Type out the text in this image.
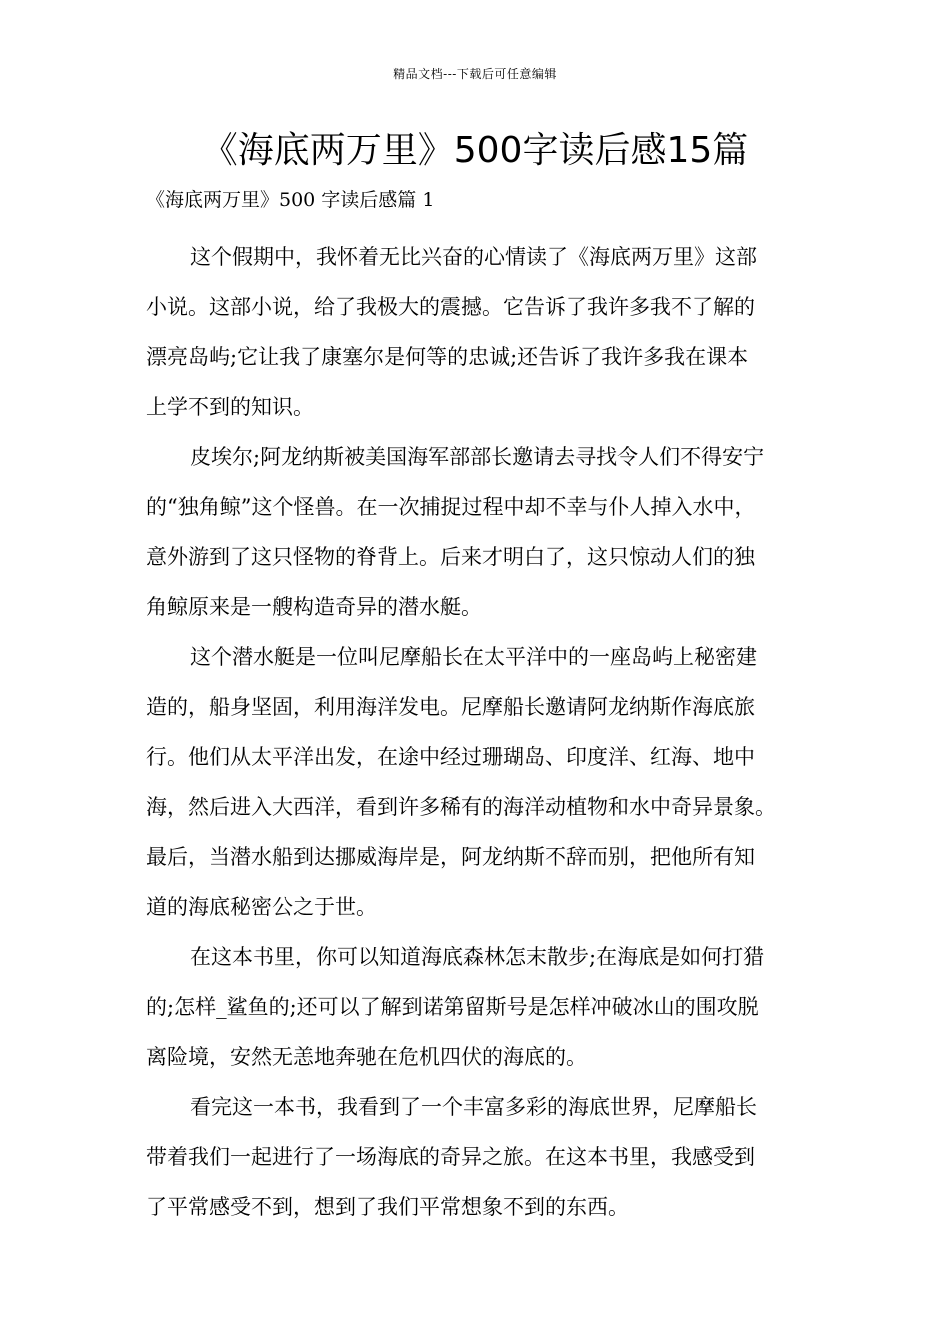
精品文档---下载后可任意编辑
《海底两万里》500字读后感15篇
《海底两万里》500 字读后感篇 1

这个假期中，我怀着无比兴奋的心情读了《海底两万里》这部
小说。这部小说，给了我极大的震撼。它告诉了我许多我不了解的
漂亮岛屿;它让我了康塞尔是何等的忠诚;还告诉了我许多我在课本
上学不到的知识。

皮埃尔;阿龙纳斯被美国海军部部长邀请去寻找令人们不得安宁
的“独角鲸”这个怪兽。在一次捕捉过程中却不幸与仆人掉入水中，
意外游到了这只怪物的脊背上。后来才明白了，这只惊动人们的独
角鲸原来是一艘构造奇异的潜水艇。

这个潜水艇是一位叫尼摩船长在太平洋中的一座岛屿上秘密建
造的，船身坚固，利用海洋发电。尼摩船长邀请阿龙纳斯作海底旅
行。他们从太平洋出发，在途中经过珊瑚岛、印度洋、红海、地中
海，然后进入大西洋，看到许多稀有的海洋动植物和水中奇异景象。
最后，当潜水船到达挪威海岸是，阿龙纳斯不辞而别，把他所有知
道的海底秘密公之于世。

在这本书里，你可以知道海底森林怎末散步;在海底是如何打猎
的;怎样_鲨鱼的;还可以了解到诺第留斯号是怎样冲破冰山的围攻脱
离险境，安然无恙地奔驰在危机四伏的海底的。

看完这一本书，我看到了一个丰富多彩的海底世界，尼摩船长
带着我们一起进行了一场海底的奇异之旅。在这本书里，我感受到
了平常感受不到，想到了我们平常想象不到的东西。
